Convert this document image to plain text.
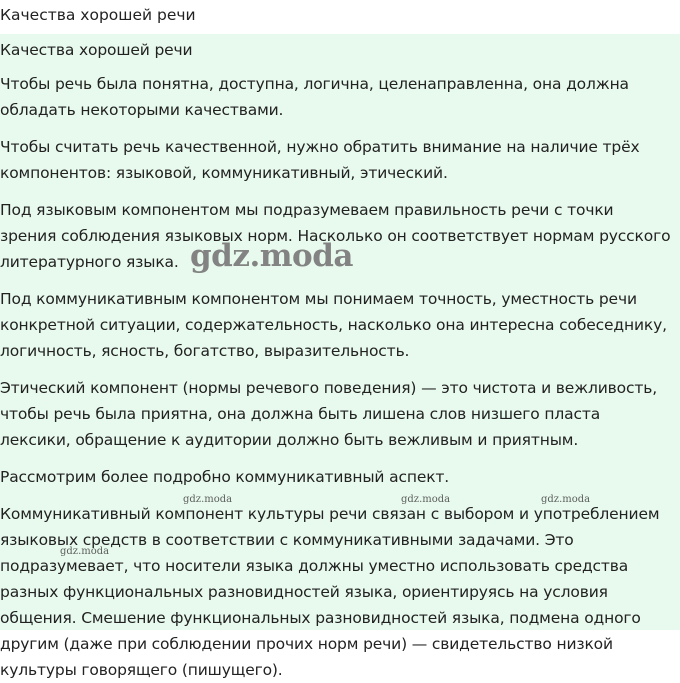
Качества хорошей речи

Качества хорошей речи

Чтобы речь была понятна, доступна, логична, целенаправленна, она должна обладать некоторыми качествами.

Чтобы считать речь качественной, нужно обратить внимание на наличие трёх компонентов: языковой, коммуникативный, этический.

Под языковым компонентом мы подразумеваем правильность речи с точки зрения соблюдения языковых норм. Насколько он соответствует нормам русского литературного языка.

Под коммуникативным компонентом мы понимаем точность, уместность речи конкретной ситуации, содержательность, насколько она интересна собеседнику, логичность, ясность, богатство, выразительность.

Этический компонент (нормы речевого поведения) — это чистота и вежливость, чтобы речь была приятна, она должна быть лишена слов низшего пласта лексики, обращение к аудитории должно быть вежливым и приятным.

Рассмотрим более подробно коммуникативный аспект.

Коммуникативный компонент культуры речи связан с выбором и употреблением языковых средств в соответствии с коммуникативными задачами. Это подразумевает, что носители языка должны уместно использовать средства разных функциональных разновидностей языка, ориентируясь на условия общения. Смешение функциональных разновидностей языка, подмена одного другим (даже при соблюдении прочих норм речи) — свидетельство низкой культуры говорящего (пишущего).

gdz.moda
gdz.moda	gdz.moda	gdz.moda
gdz.moda
